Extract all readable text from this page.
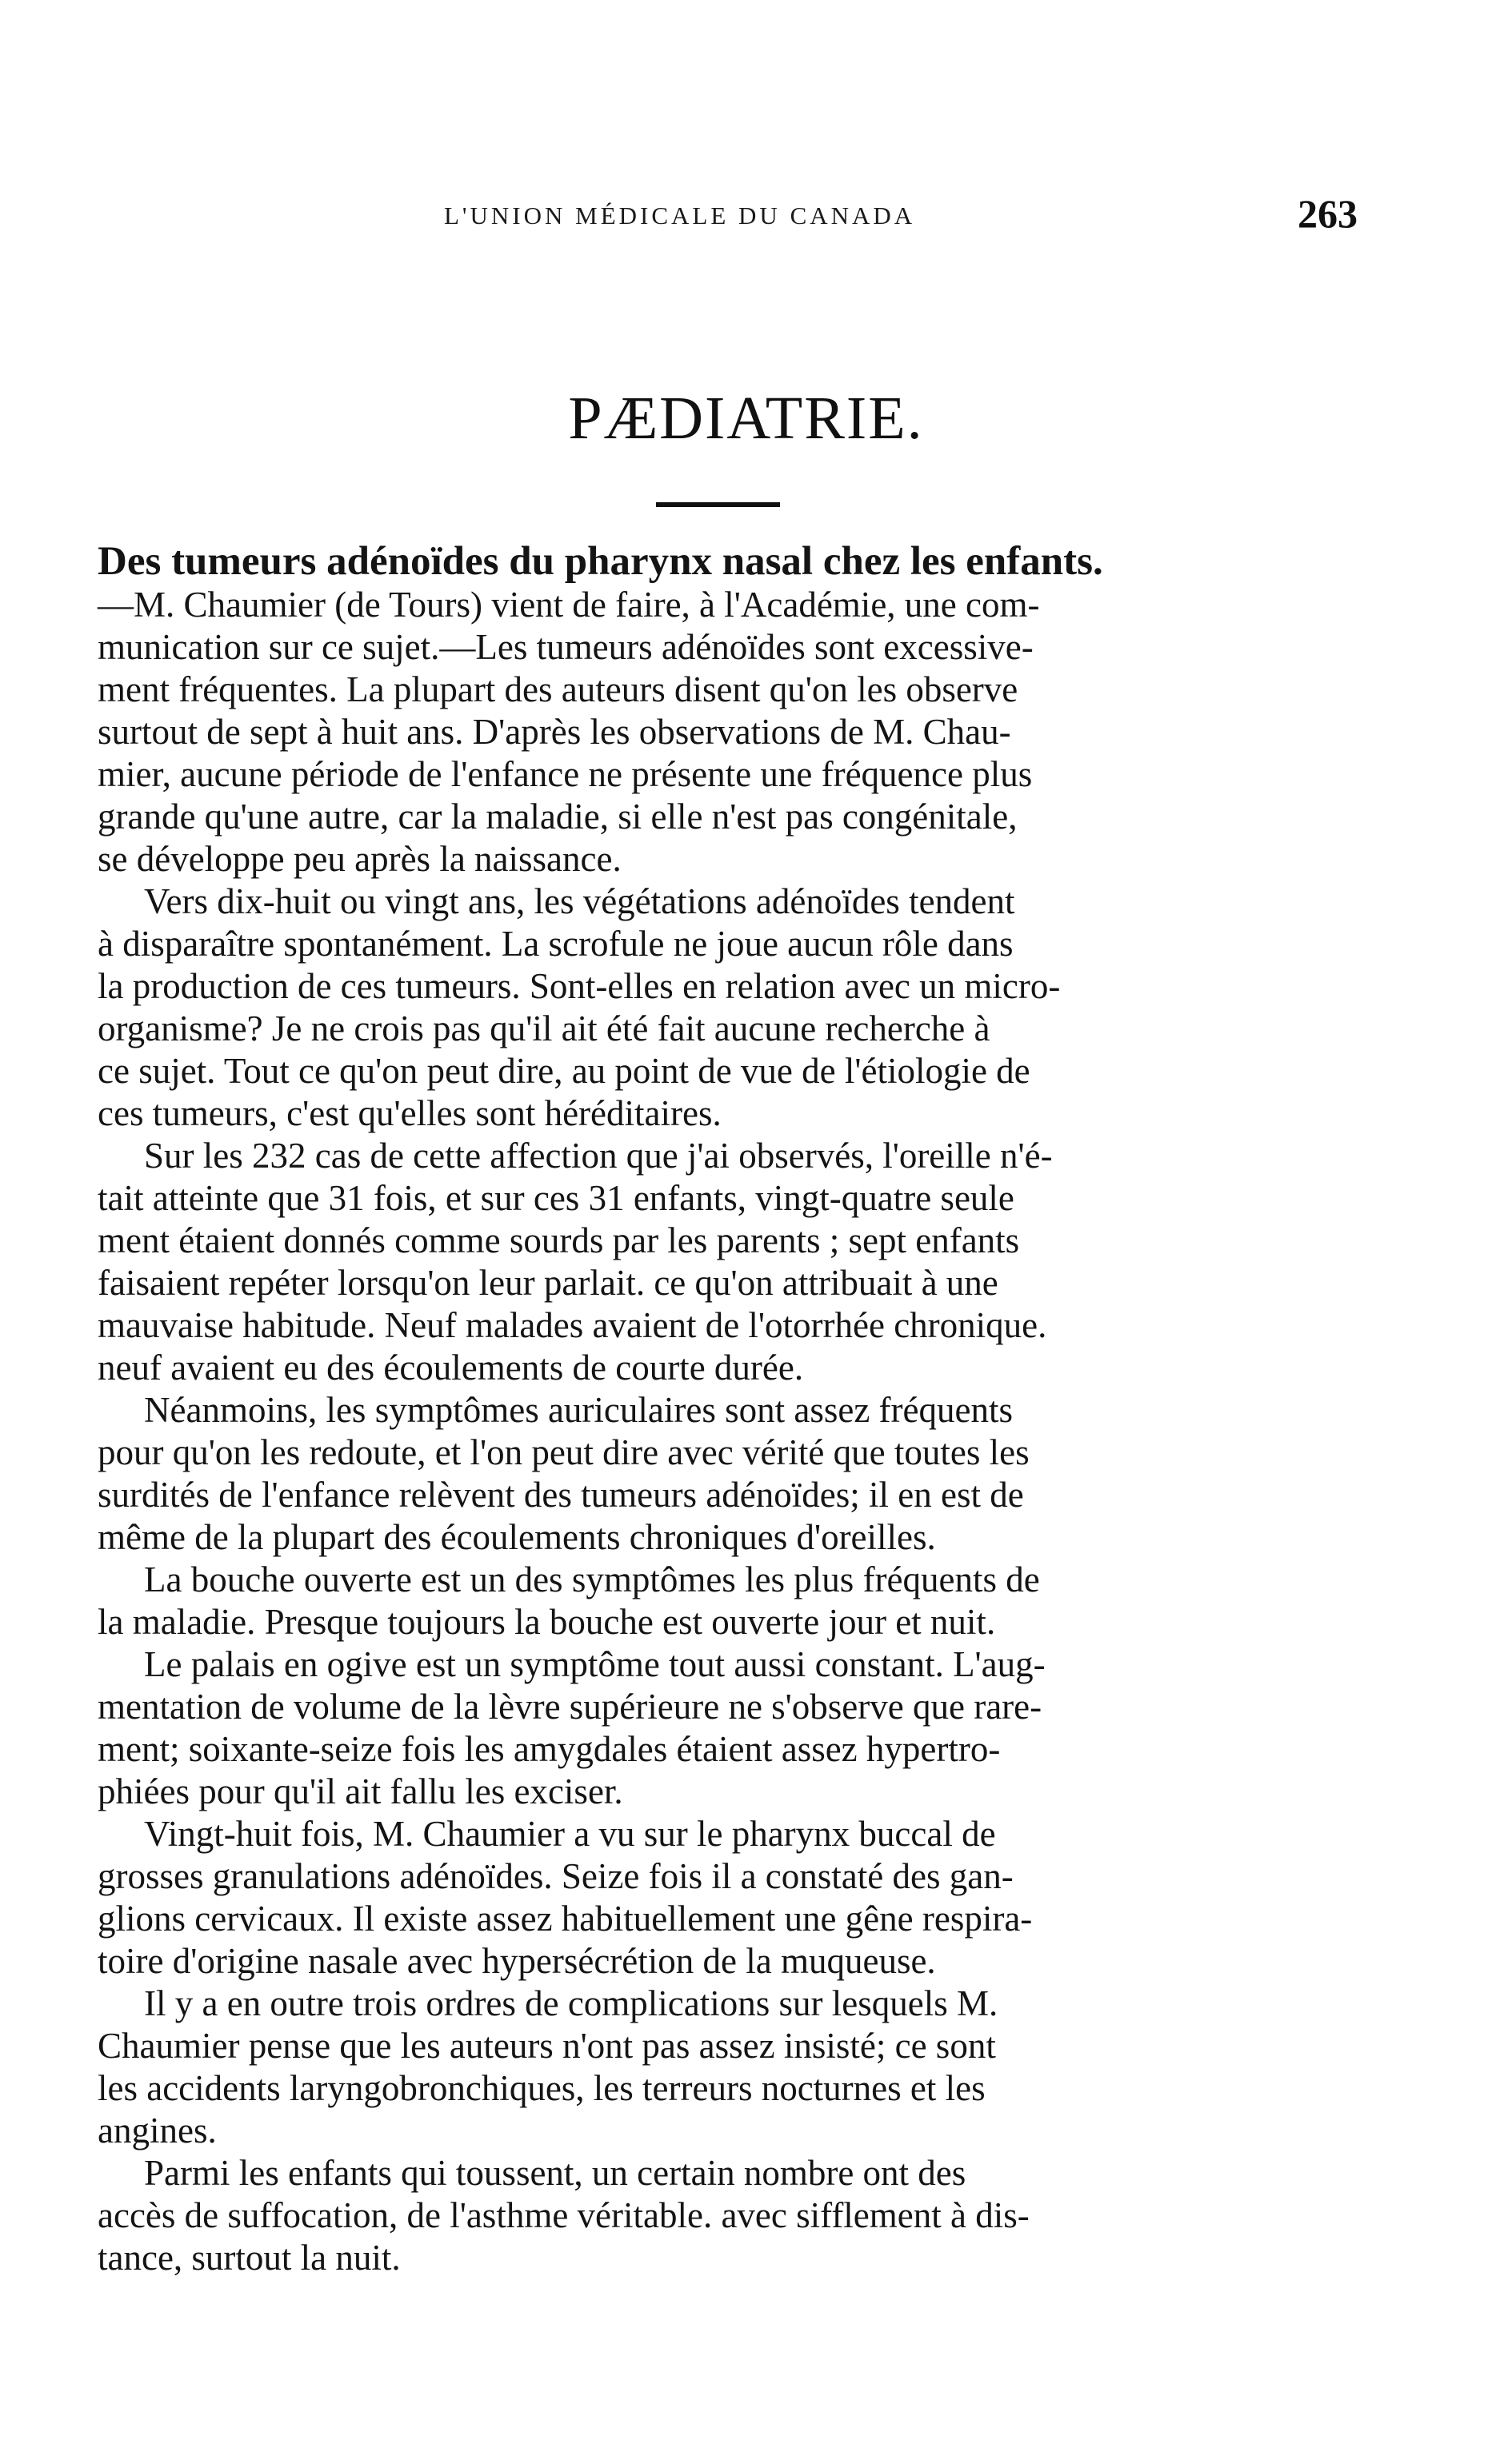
L'UNION MÉDICALE DU CANADA	263
PÆDIATRIE.
Des tumeurs adénoïdes du pharynx nasal chez les enfants.
—M. Chaumier (de Tours) vient de faire, à l'Académie, une com-
munication sur ce sujet.—Les tumeurs adénoïdes sont excessive-
ment fréquentes. La plupart des auteurs disent qu'on les observe
surtout de sept à huit ans. D'après les observations de M. Chau-
mier, aucune période de l'enfance ne présente une fréquence plus
grande qu'une autre, car la maladie, si elle n'est pas congénitale,
se développe peu après la naissance.
Vers dix-huit ou vingt ans, les végétations adénoïdes tendent
à disparaître spontanément. La scrofule ne joue aucun rôle dans
la production de ces tumeurs. Sont-elles en relation avec un micro-
organisme? Je ne crois pas qu'il ait été fait aucune recherche à
ce sujet. Tout ce qu'on peut dire, au point de vue de l'étiologie de
ces tumeurs, c'est qu'elles sont héréditaires.
Sur les 232 cas de cette affection que j'ai observés, l'oreille n'é-
tait atteinte que 31 fois, et sur ces 31 enfants, vingt-quatre seule
ment étaient donnés comme sourds par les parents ; sept enfants
faisaient repéter lorsqu'on leur parlait. ce qu'on attribuait à une
mauvaise habitude. Neuf malades avaient de l'otorrhée chronique.
neuf avaient eu des écoulements de courte durée.
Néanmoins, les symptômes auriculaires sont assez fréquents
pour qu'on les redoute, et l'on peut dire avec vérité que toutes les
surdités de l'enfance relèvent des tumeurs adénoïdes; il en est de
même de la plupart des écoulements chroniques d'oreilles.
La bouche ouverte est un des symptômes les plus fréquents de
la maladie. Presque toujours la bouche est ouverte jour et nuit.
Le palais en ogive est un symptôme tout aussi constant. L'aug-
mentation de volume de la lèvre supérieure ne s'observe que rare-
ment; soixante-seize fois les amygdales étaient assez hypertro-
phiées pour qu'il ait fallu les exciser.
Vingt-huit fois, M. Chaumier a vu sur le pharynx buccal de
grosses granulations adénoïdes. Seize fois il a constaté des gan-
glions cervicaux. Il existe assez habituellement une gêne respira-
toire d'origine nasale avec hypersécrétion de la muqueuse.
Il y a en outre trois ordres de complications sur lesquels M.
Chaumier pense que les auteurs n'ont pas assez insisté; ce sont
les accidents laryngobronchiques, les terreurs nocturnes et les
angines.
Parmi les enfants qui toussent, un certain nombre ont des
accès de suffocation, de l'asthme véritable. avec sifflement à dis-
tance, surtout la nuit.
